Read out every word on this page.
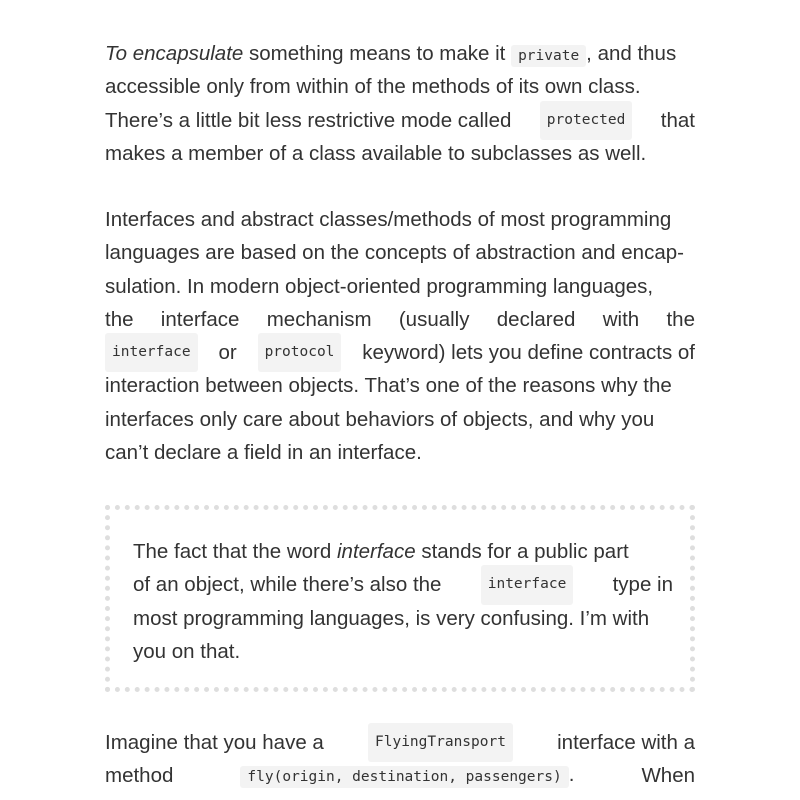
To encapsulate something means to make it private , and thus
accessible only from within of the methods of its own class.
There’s a little bit less restrictive mode called	protected	that
makes a member of a class available to subclasses as well.
Interfaces and abstract classes/methods of most programming
languages are based on the concepts of abstraction and encap-
sulation. In modern object-oriented programming languages,
the interface mechanism (usually declared with the
interface	or	protocol	keyword) lets you define contracts of
interaction between objects. That’s one of the reasons why the
interfaces only care about behaviors of objects, and why you
can’t declare a field in an interface.
The fact that the word interface stands for a public part
of an object, while there’s also the	interface	type in
most programming languages, is very confusing. I’m with
you on that.
Imagine that you have a	FlyingTransport	interface with a
method	fly(origin, destination, passengers) .	When
